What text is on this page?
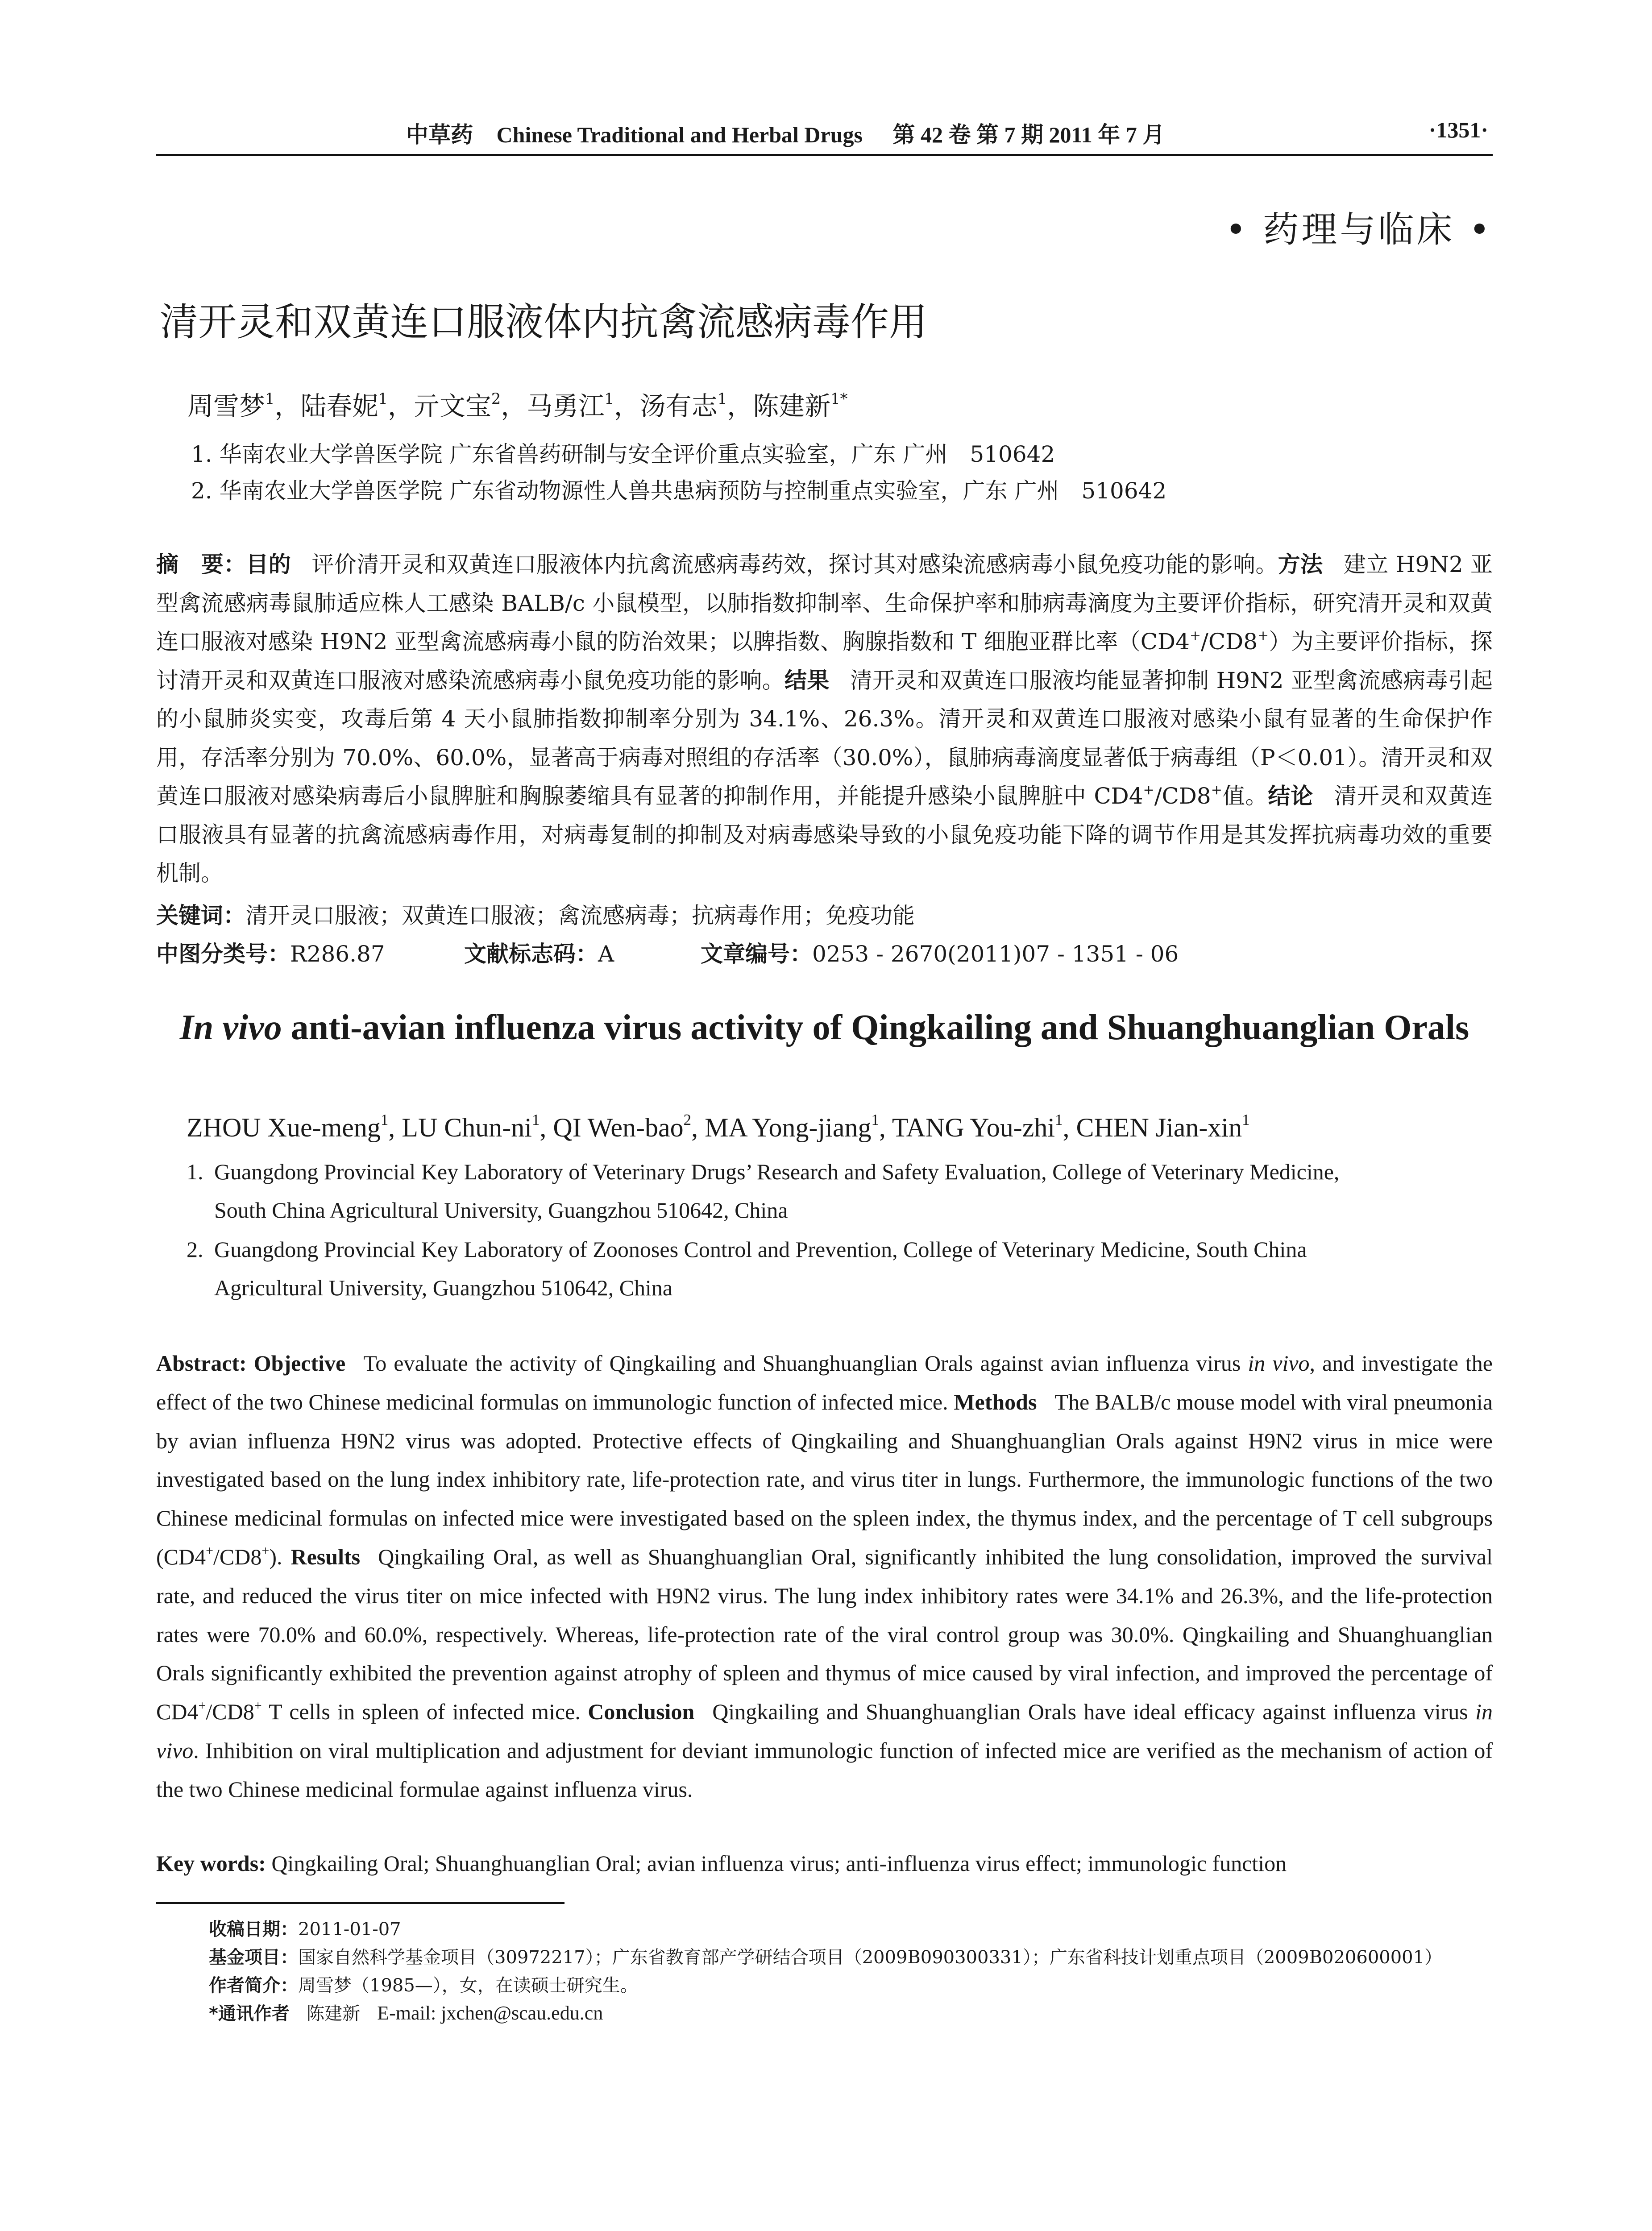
中草药 Chinese Traditional and Herbal Drugs 第 42 卷 第 7 期 2011 年 7 月	·1351·
• 药理与临床 •
清开灵和双黄连口服液体内抗禽流感病毒作用
周雪梦$^1$，陆春妮$^1$，亓文宝$^2$，马勇江$^1$，汤有志$^1$，陈建新$^{1*}$
1. 华南农业大学兽医学院 广东省兽药研制与安全评价重点实验室，广东 广州　510642
2. 华南农业大学兽医学院 广东省动物源性人兽共患病预防与控制重点实验室，广东 广州　510642
摘　要：目的 评价清开灵和双黄连口服液体内抗禽流感病毒药效，探讨其对感染流感病毒小鼠免疫功能的影响。方法 建立 H9N2 亚型禽流感病毒鼠肺适应株人工感染 BALB/c 小鼠模型，以肺指数抑制率、生命保护率和肺病毒滴度为主要评价指标，研究清开灵和双黄连口服液对感染 H9N2 亚型禽流感病毒小鼠的防治效果；以脾指数、胸腺指数和 T 细胞亚群比率（CD4+/CD8+）为主要评价指标，探讨清开灵和双黄连口服液对感染流感病毒小鼠免疫功能的影响。结果 清开灵和双黄连口服液均能显著抑制 H9N2 亚型禽流感病毒引起的小鼠肺炎实变，攻毒后第 4 天小鼠肺指数抑制率分别为 34.1%、26.3%。清开灵和双黄连口服液对感染小鼠有显著的生命保护作用，存活率分别为 70.0%、60.0%，显著高于病毒对照组的存活率（30.0%），鼠肺病毒滴度显著低于病毒组（P＜0.01）。清开灵和双黄连口服液对感染病毒后小鼠脾脏和胸腺萎缩具有显著的抑制作用，并能提升感染小鼠脾脏中 CD4+/CD8+值。结论 清开灵和双黄连口服液具有显著的抗禽流感病毒作用，对病毒复制的抑制及对病毒感染导致的小鼠免疫功能下降的调节作用是其发挥抗病毒功效的重要机制。
关键词：清开灵口服液；双黄连口服液；禽流感病毒；抗病毒作用；免疫功能
中图分类号：R286.87	文献标志码：A	文章编号：0253 - 2670(2011)07 - 1351 - 06
In vivo anti-avian influenza virus activity of Qingkailing and Shuanghuanglian Orals
ZHOU Xue-meng$^1$, LU Chun-$ni^1$, QI Wen-bao$^2$, MA Yong-jiang$^1$, TANG You-zhi$^1$, CHEN Jian-xin$^1$
1. Guangdong Provincial Key Laboratory of Veterinary Drugs’ Research and Safety Evaluation, College of Veterinary Medicine,
South China Agricultural University, Guangzhou 510642, China
2. Guangdong Provincial Key Laboratory of Zoonoses Control and Prevention, College of Veterinary Medicine, South China
Agricultural University, Guangzhou 510642, China
Abstract: Objective To evaluate the activity of Qingkailing and Shuanghuanglian Orals against avian influenza virus in vivo, and investigate the effect of the two Chinese medicinal formulas on immunologic function of infected mice. Methods The BALB/c mouse model with viral pneumonia by avian influenza H9N2 virus was adopted. Protective effects of Qingkailing and Shuanghuanglian Orals against H9N2 virus in mice were investigated based on the lung index inhibitory rate, life-protection rate, and virus titer in lungs. Furthermore, the immunologic functions of the two Chinese medicinal formulas on infected mice were investigated based on the spleen index, the thymus index, and the percentage of T cell subgroups (CD4+/CD8+). Results Qingkailing Oral, as well as Shuanghuanglian Oral, significantly inhibited the lung consolidation, improved the survival rate, and reduced the virus titer on mice infected with H9N2 virus. The lung index inhibitory rates were 34.1% and 26.3%, and the life-protection rates were 70.0% and 60.0%, respectively. Whereas, life-protection rate of the viral control group was 30.0%. Qingkailing and Shuanghuanglian Orals significantly exhibited the prevention against atrophy of spleen and thymus of mice caused by viral infection, and improved the percentage of CD4+/CD8+ T cells in spleen of infected mice. Conclusion Qingkailing and Shuanghuanglian Orals have ideal efficacy against influenza virus in vivo. Inhibition on viral multiplication and adjustment for deviant immunologic function of infected mice are verified as the mechanism of action of the two Chinese medicinal formulae against influenza virus.
Key words: Qingkailing Oral; Shuanghuanglian Oral; avian influenza virus; anti-influenza virus effect; immunologic function
收稿日期：2011-01-07
基金项目：国家自然科学基金项目（30972217）；广东省教育部产学研结合项目（2009B090300331）；广东省科技计划重点项目（2009B020600001）
作者简介：周雪梦（1985—），女，在读硕士研究生。
*通讯作者 陈建新 E-mail: jxchen@scau.edu.cn
